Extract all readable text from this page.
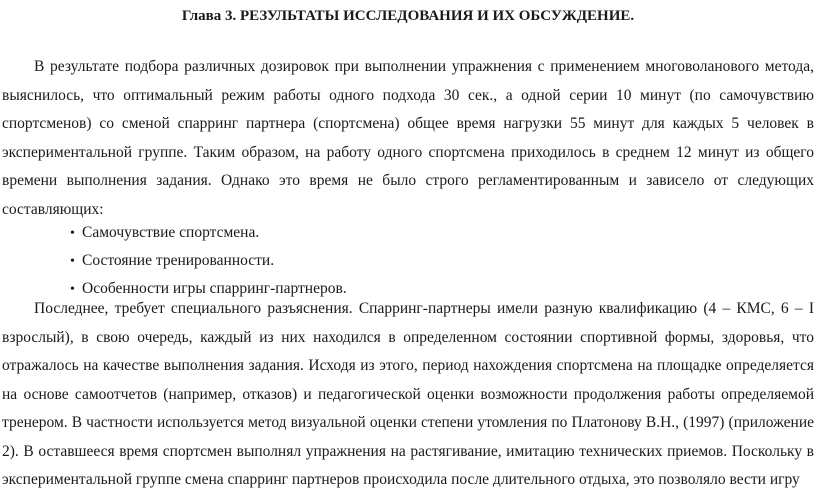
Глава 3. РЕЗУЛЬТАТЫ ИССЛЕДОВАНИЯ И ИХ ОБСУЖДЕНИЕ.

В результате подбора различных дозировок при выполнении упражнения с применением многоволанового метода, выяснилось, что оптимальный режим работы одного подхода 30 сек., а одной серии 10 минут (по самочувствию спортсменов) со сменой спарринг партнера (спортсмена) общее время нагрузки 55 минут для каждых 5 человек в экспериментальной группе. Таким образом, на работу одного спортсмена приходилось в среднем 12 минут из общего времени выполнения задания. Однако это время не было строго регламентированным и зависело от следующих составляющих:

• Самочувствие спортсмена.
• Состояние тренированности.
• Особенности игры спарринг-партнеров.

Последнее, требует специального разъяснения. Спарринг-партнеры имели разную квалификацию (4 – КМС, 6 – I взрослый), в свою очередь, каждый из них находился в определенном состоянии спортивной формы, здоровья, что отражалось на качестве выполнения задания. Исходя из этого, период нахождения спортсмена на площадке определяется на основе самоотчетов (например, отказов) и педагогической оценки возможности продолжения работы определяемой тренером. В частности используется метод визуальной оценки степени утомления по Платонову В.Н., (1997) (приложение 2). В оставшееся время спортсмен выполнял упражнения на растягивание, имитацию технических приемов. Поскольку в экспериментальной группе смена спарринг партнеров происходила после длительного отдыха, это позволяло вести игру
